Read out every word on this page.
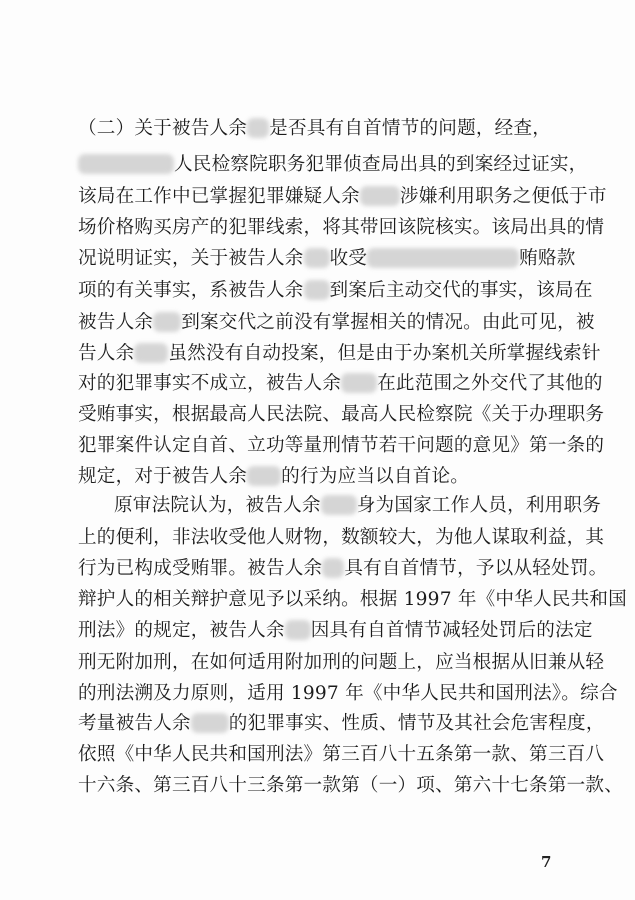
（二）关于被告人余 是否具有自首情节的问题，经查，
人民检察院职务犯罪侦查局出具的到案经过证实，
该局在工作中已掌握犯罪嫌疑人余 涉嫌利用职务之便低于市
场价格购买房产的犯罪线索，将其带回该院核实。该局出具的情
况说明证实，关于被告人余 收受	贿赂款
项的有关事实，系被告人余 到案后主动交代的事实，该局在
被告人余 到案交代之前没有掌握相关的情况。由此可见，被
告人余 虽然没有自动投案，但是由于办案机关所掌握线索针
对的犯罪事实不成立，被告人余 在此范围之外交代了其他的
受贿事实，根据最高人民法院、最高人民检察院《关于办理职务
犯罪案件认定自首、立功等量刑情节若干问题的意见》第一条的
规定，对于被告人余 的行为应当以自首论。
原审法院认为，被告人余 身为国家工作人员，利用职务
上的便利，非法收受他人财物，数额较大，为他人谋取利益，其
行为已构成受贿罪。被告人余 具有自首情节，予以从轻处罚。
辩护人的相关辩护意见予以采纳。根据 1997 年《中华人民共和国
刑法》的规定，被告人余 因具有自首情节减轻处罚后的法定
刑无附加刑，在如何适用附加刑的问题上，应当根据从旧兼从轻
的刑法溯及力原则，适用 1997 年《中华人民共和国刑法》。综合
考量被告人余 的犯罪事实、性质、情节及其社会危害程度，
依照《中华人民共和国刑法》第三百八十五条第一款、第三百八
十六条、第三百八十三条第一款第（一）项、第六十七条第一款、
7
